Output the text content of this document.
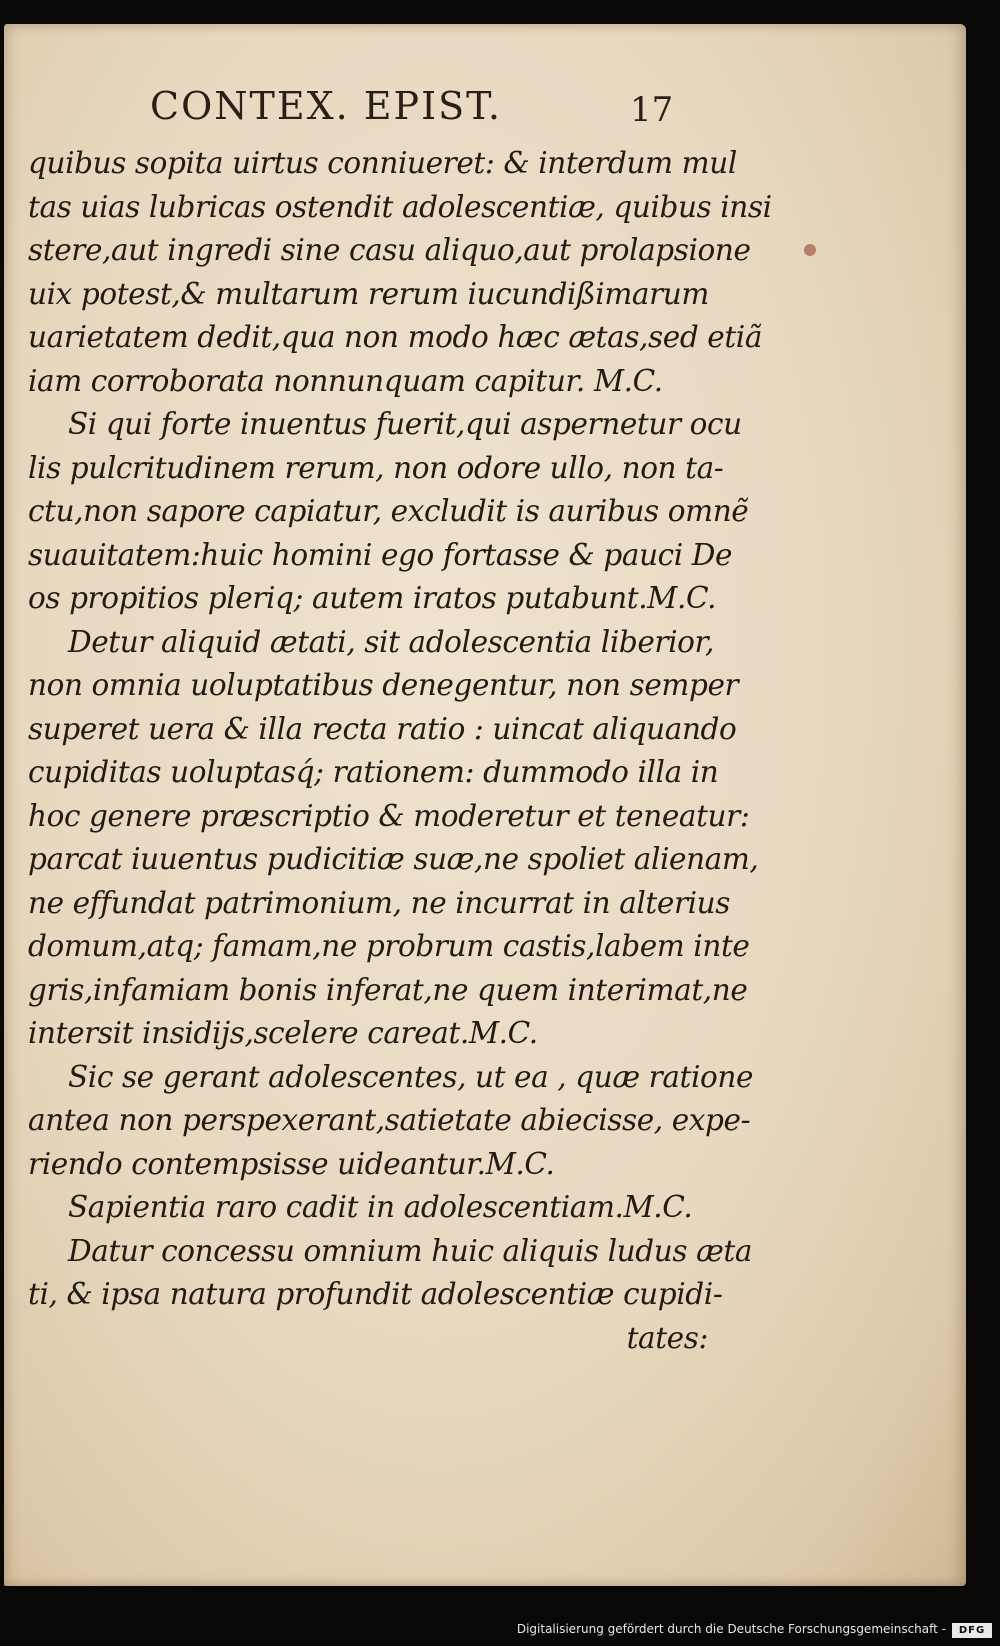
CONTEX. EPIST.	17
quibus sopita uirtus conniueret: & interdum mul
tas uias lubricas ostendit adolescentiæ, quibus insi
stere,aut ingredi sine casu aliquo,aut prolapsione
uix potest,& multarum rerum iucundißimarum
uarietatem dedit,qua non modo hæc ætas,sed etiã
iam corroborata nonnunquam capitur. M.C.
Si qui forte inuentus fuerit,qui aspernetur ocu
lis pulcritudinem rerum, non odore ullo, non ta-
ctu,non sapore capiatur, excludit is auribus omnẽ
suauitatem:huic homini ego fortasse & pauci De
os propitios pleriq; autem iratos putabunt.M.C.
Detur aliquid ætati, sit adolescentia liberior,
non omnia uoluptatibus denegentur, non semper
superet uera & illa recta ratio : uincat aliquando
cupiditas uoluptasq́; rationem: dummodo illa in
hoc genere præscriptio & moderetur et teneatur:
parcat iuuentus pudicitiæ suæ,ne spoliet alienam,
ne effundat patrimonium, ne incurrat in alterius
domum,atq; famam,ne probrum castis,labem inte
gris,infamiam bonis inferat,ne quem interimat,ne
intersit insidijs,scelere careat.M.C.
Sic se gerant adolescentes, ut ea , quæ ratione
antea non perspexerant,satietate abiecisse, expe-
riendo contempsisse uideantur.M.C.
Sapientia raro cadit in adolescentiam.M.C.
Datur concessu omnium huic aliquis ludus æta
ti, & ipsa natura profundit adolescentiæ cupidi-
tates:
Digitalisierung gefördert durch die Deutsche Forschungsgemeinschaft -	DFG
